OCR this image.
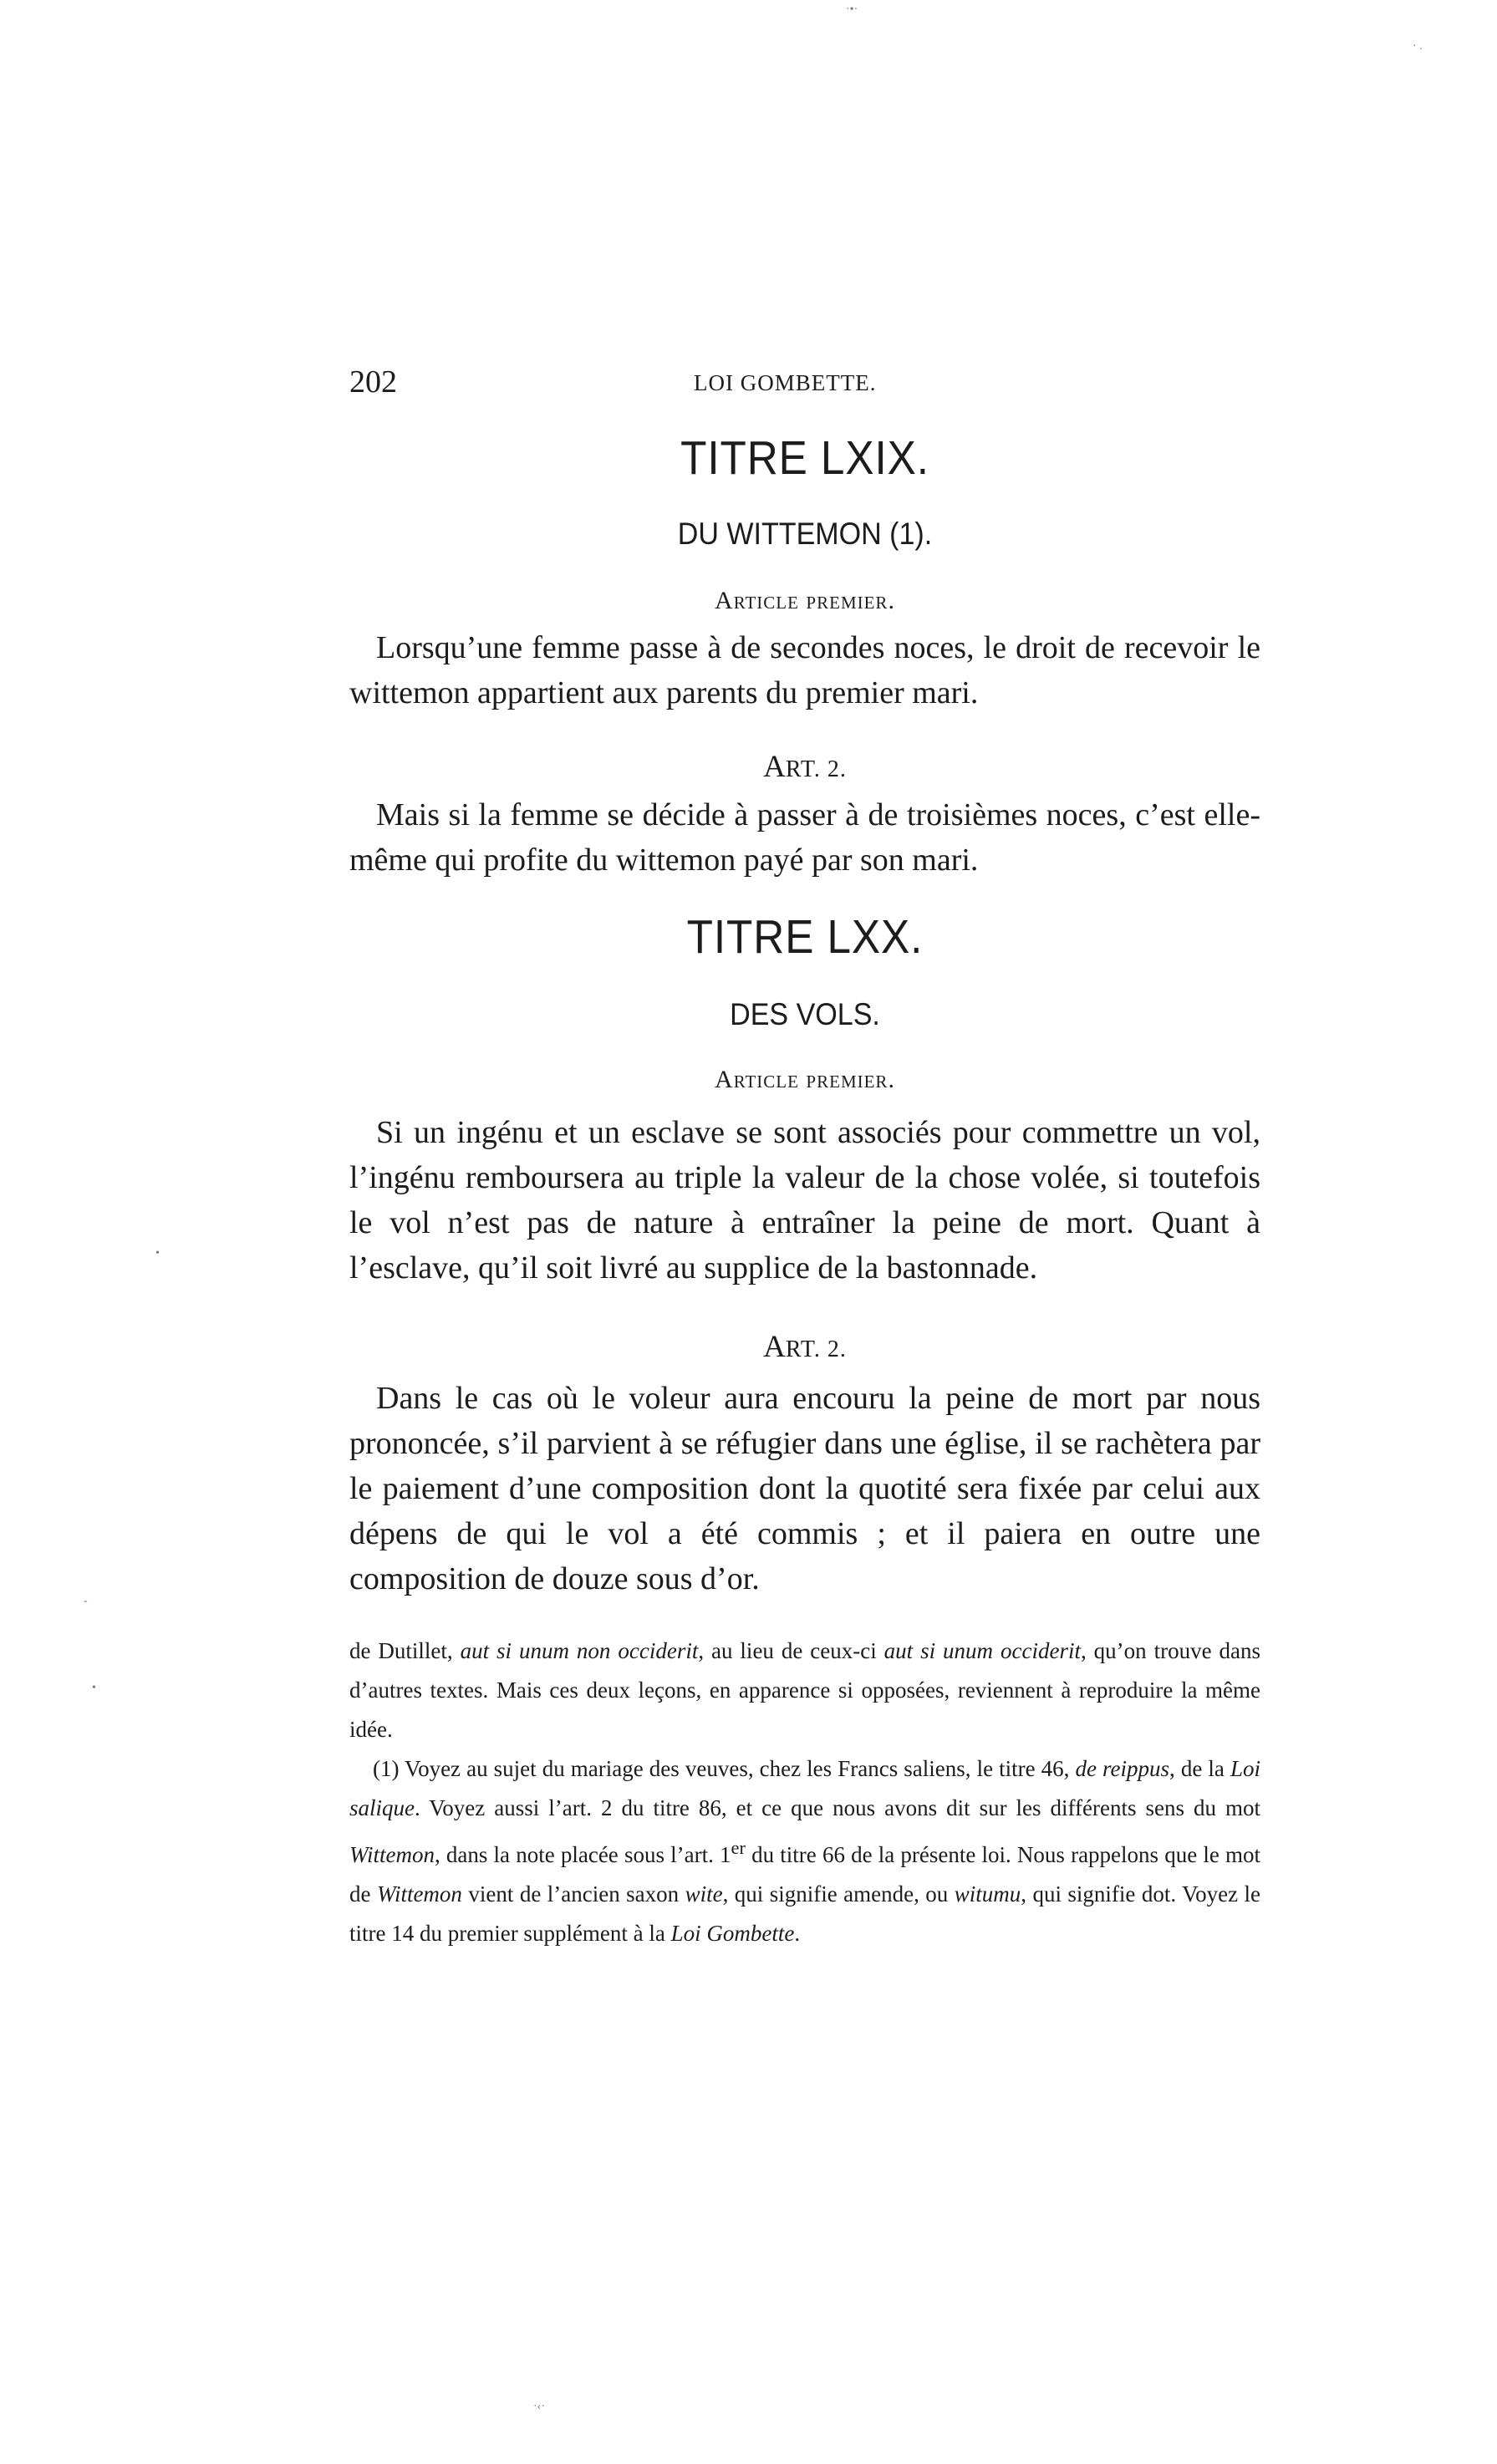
·•·
· .
•
-
•
·‹·
202	LOI GOMBETTE.
TITRE LXIX.
DU WITTEMON (1).
Article premier.
Lorsqu’une femme passe à de secondes noces, le droit de recevoir le wittemon appartient aux parents du premier mari.
ART. 2.
Mais si la femme se décide à passer à de troisièmes noces, c’est elle-même qui profite du wittemon payé par son mari.
TITRE LXX.
DES VOLS.
Article premier.
Si un ingénu et un esclave se sont associés pour commettre un vol, l’ingénu remboursera au triple la valeur de la chose volée, si toutefois le vol n’est pas de nature à entraîner la peine de mort. Quant à l’esclave, qu’il soit livré au supplice de la bastonnade.
ART. 2.
Dans le cas où le voleur aura encouru la peine de mort par nous prononcée, s’il parvient à se réfugier dans une église, il se rachètera par le paiement d’une composition dont la quotité sera fixée par celui aux dépens de qui le vol a été commis ; et il paiera en outre une composition de douze sous d’or.

de Dutillet, aut si unum non occiderit, au lieu de ceux-ci aut si unum occiderit, qu’on trouve dans d’autres textes. Mais ces deux leçons, en apparence si opposées, reviennent à reproduire la même idée.

(1) Voyez au sujet du mariage des veuves, chez les Francs saliens, le titre 46, de reippus, de la Loi salique. Voyez aussi l’art. 2 du titre 86, et ce que nous avons dit sur les différents sens du mot Wittemon, dans la note placée sous l’art. 1er du titre 66 de la présente loi. Nous rappelons que le mot de Wittemon vient de l’ancien saxon wite, qui signifie amende, ou witumu, qui signifie dot. Voyez le titre 14 du premier supplément à la Loi Gombette.
